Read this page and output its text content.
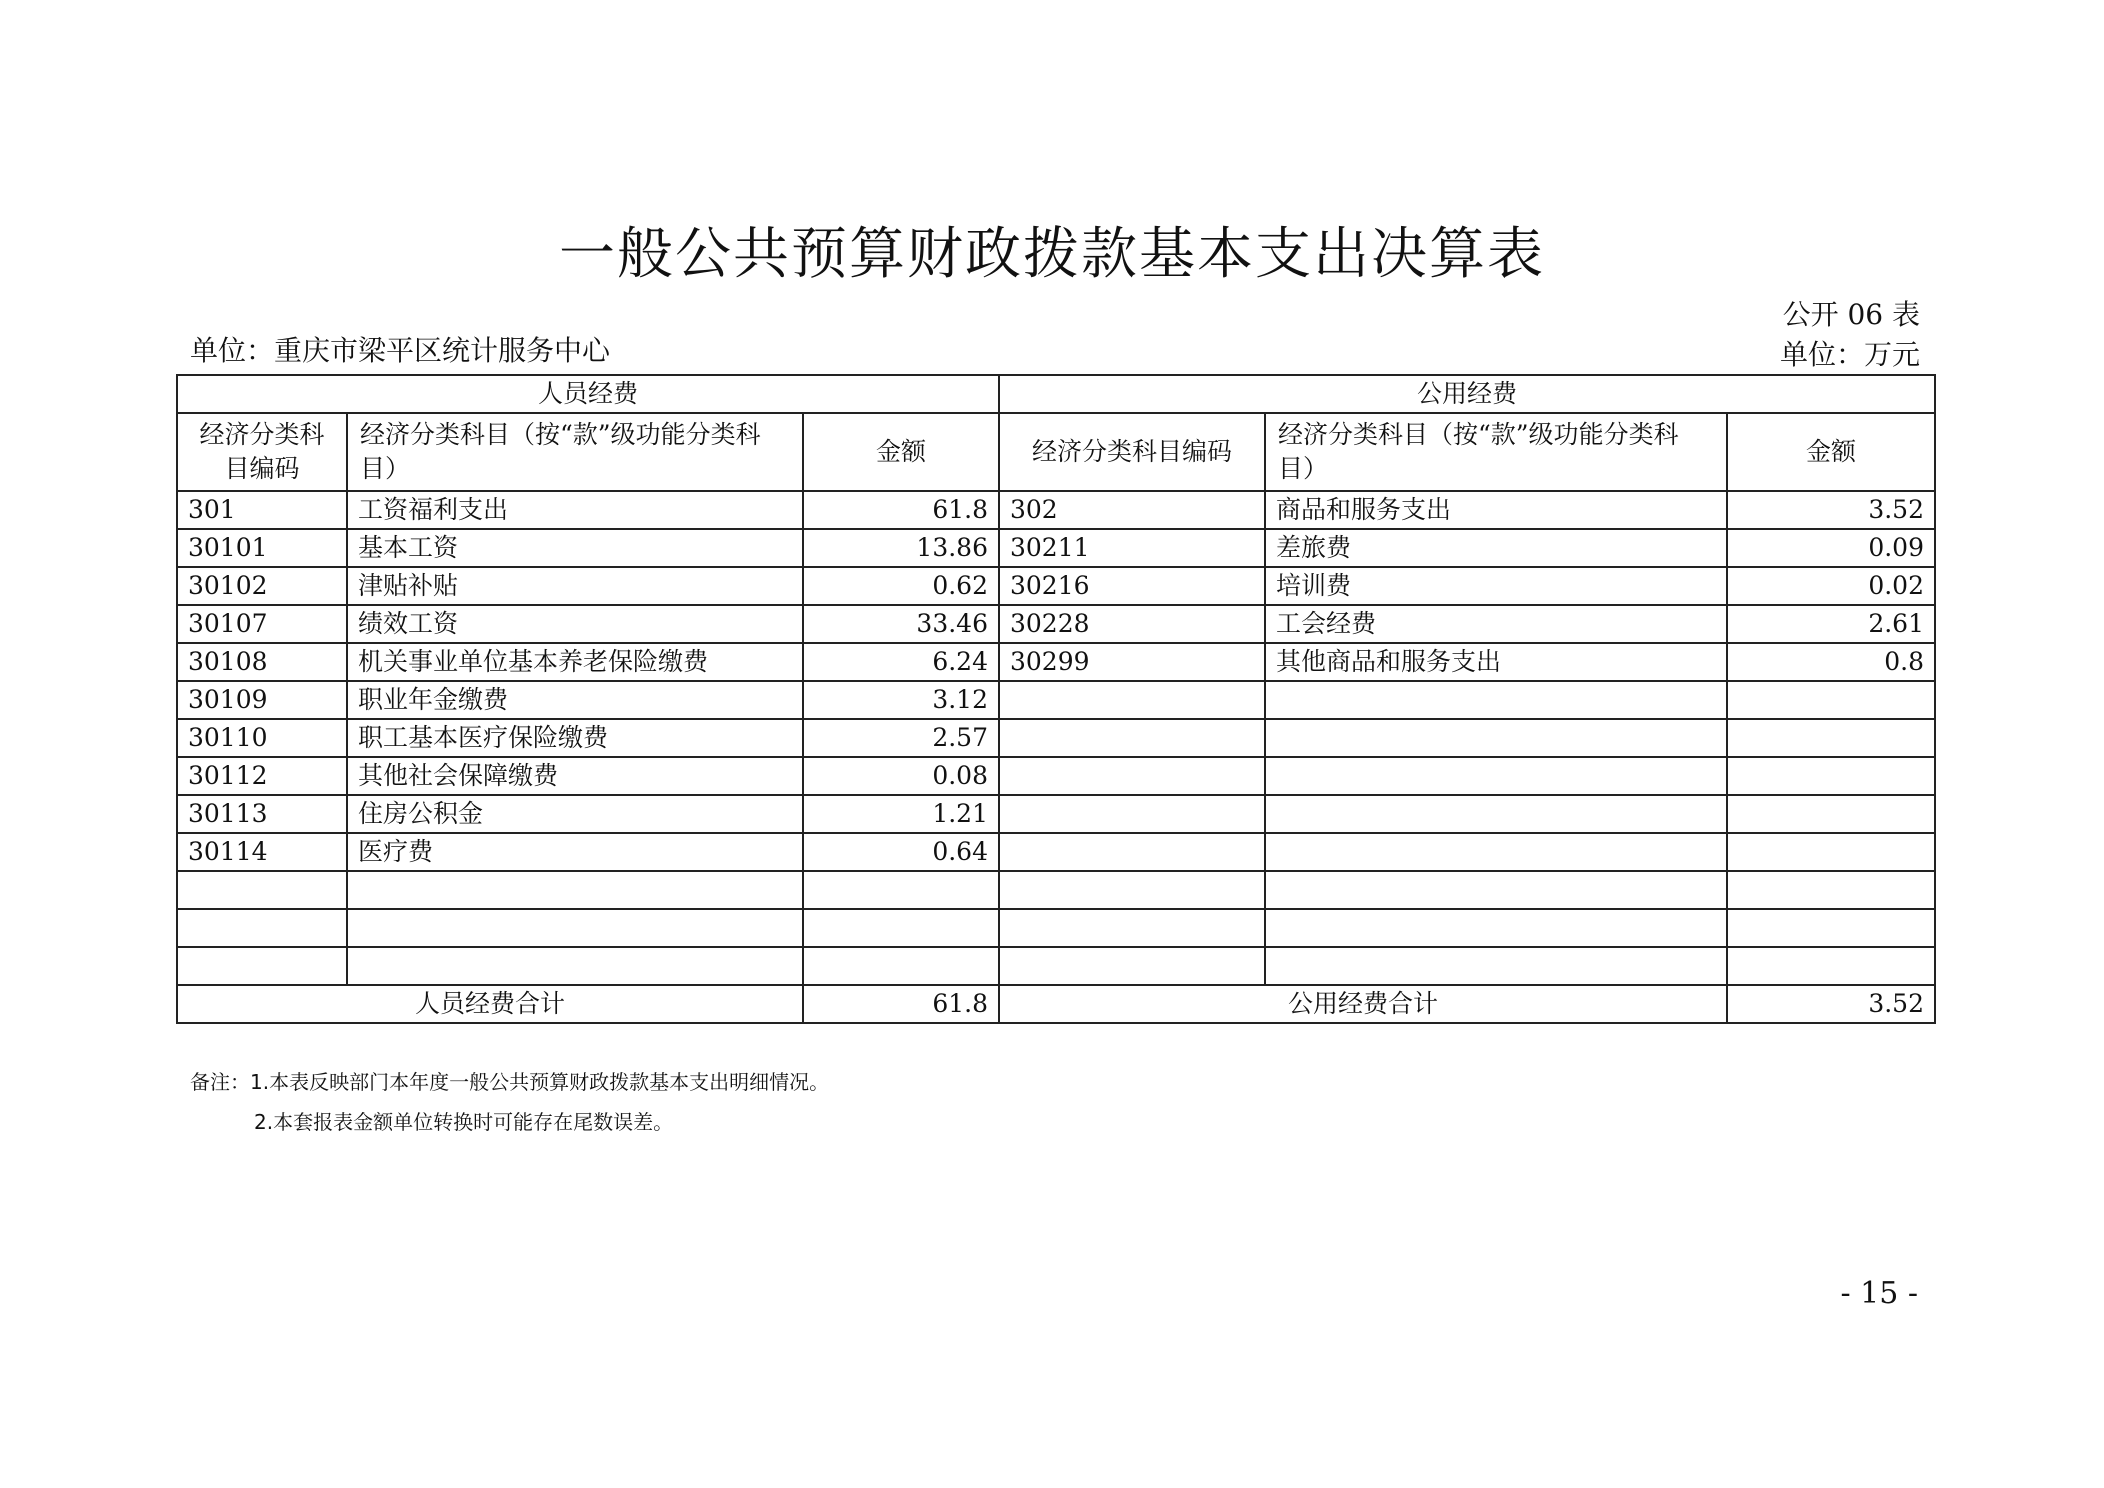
一般公共预算财政拨款基本支出决算表
公开 06 表
单位：重庆市梁平区统计服务中心	单位：万元
人员经费			公用经费		
经济分类科目编码	经济分类科目（按“款”级功能分类科目）	金额	经济分类科目编码	经济分类科目（按“款”级功能分类科目）	金额
301	工资福利支出	61.8	302	商品和服务支出	3.52
30101	基本工资	13.86	30211	差旅费	0.09
30102	津贴补贴	0.62	30216	培训费	0.02
30107	绩效工资	33.46	30228	工会经费	2.61
30108	机关事业单位基本养老保险缴费	6.24	30299	其他商品和服务支出	0.8
30109	职业年金缴费	3.12			
30110	职工基本医疗保险缴费	2.57			
30112	其他社会保障缴费	0.08			
30113	住房公积金	1.21			
30114	医疗费	0.64			

人员经费合计		61.8	公用经费合计		3.52
备注：1.本表反映部门本年度一般公共预算财政拨款基本支出明细情况。
2.本套报表金额单位转换时可能存在尾数误差。
- 15 -
